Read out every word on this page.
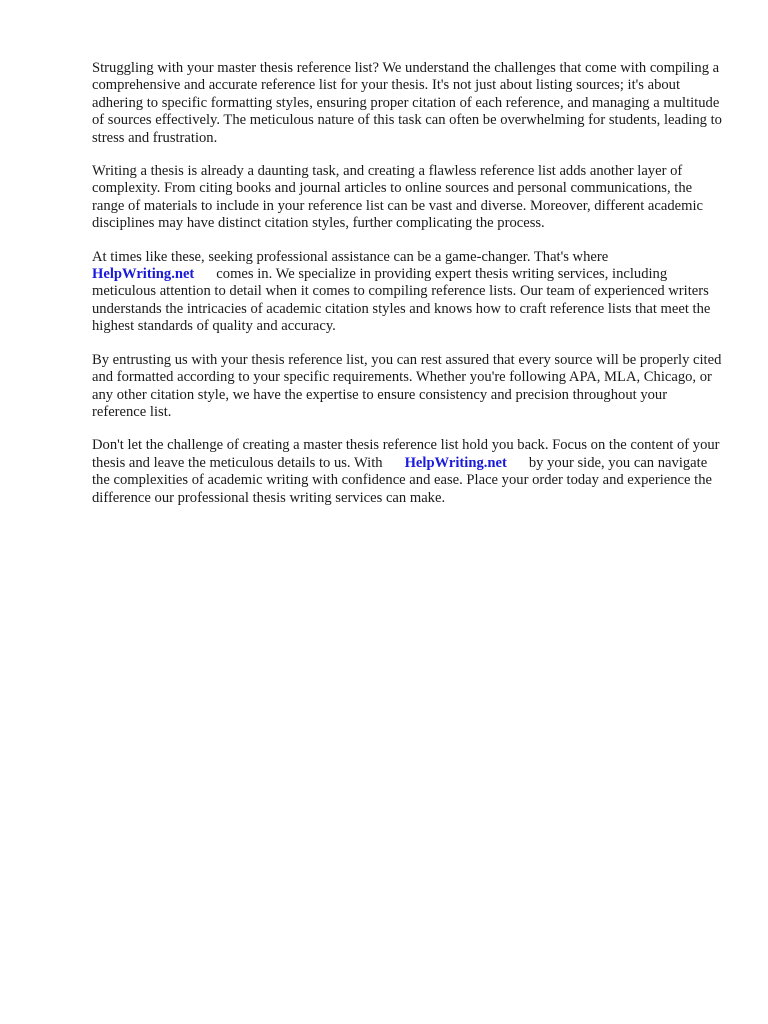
Struggling with your master thesis reference list? We understand the challenges that come with compiling a comprehensive and accurate reference list for your thesis. It's not just about listing sources; it's about adhering to specific formatting styles, ensuring proper citation of each reference, and managing a multitude of sources effectively. The meticulous nature of this task can often be overwhelming for students, leading to stress and frustration.

Writing a thesis is already a daunting task, and creating a flawless reference list adds another layer of complexity. From citing books and journal articles to online sources and personal communications, the range of materials to include in your reference list can be vast and diverse. Moreover, different academic disciplines may have distinct citation styles, further complicating the process.

At times like these, seeking professional assistance can be a game-changer. That's where
HelpWriting.net comes in. We specialize in providing expert thesis writing services, including meticulous attention to detail when it comes to compiling reference lists. Our team of experienced writers understands the intricacies of academic citation styles and knows how to craft reference lists that meet the highest standards of quality and accuracy.

By entrusting us with your thesis reference list, you can rest assured that every source will be properly cited and formatted according to your specific requirements. Whether you're following APA, MLA, Chicago, or any other citation style, we have the expertise to ensure consistency and precision throughout your reference list.

Don't let the challenge of creating a master thesis reference list hold you back. Focus on the content of your thesis and leave the meticulous details to us. With HelpWriting.net by your side, you can navigate the complexities of academic writing with confidence and ease. Place your order today and experience the difference our professional thesis writing services can make.
